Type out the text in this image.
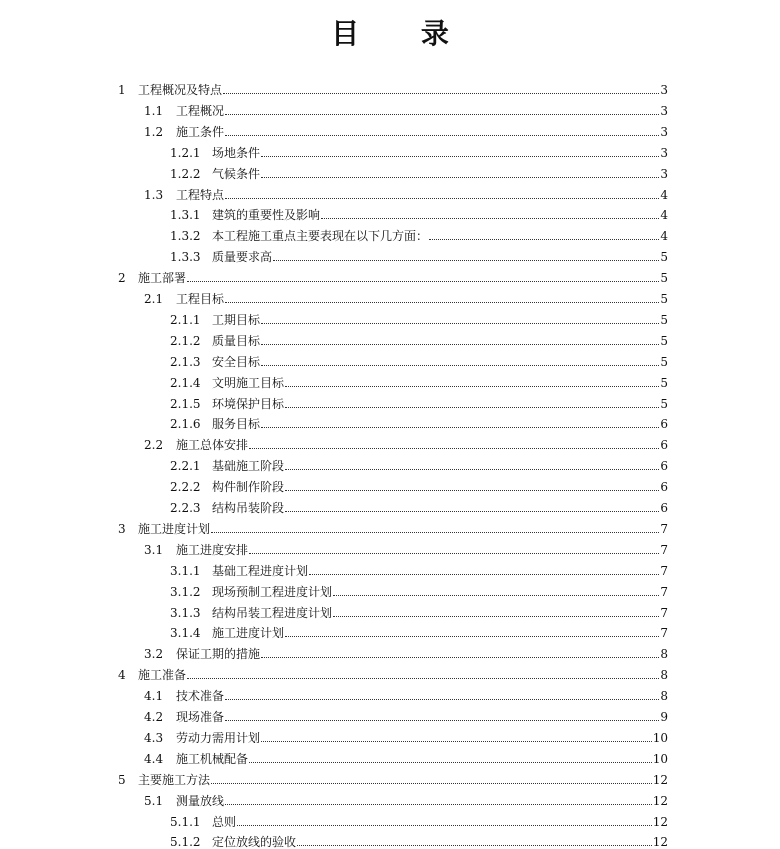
目 录
1	工程概况及特点	3
1.1	工程概况	3
1.2	施工条件	3
1.2.1 场地条件	3
1.2.2 气候条件	3
1.3	工程特点	4
1.3.1 建筑的重要性及影响	4
1.3.2 本工程施工重点主要表现在以下几方面：	4
1.3.3 质量要求高	5
2	施工部署	5
2.1	工程目标	5
2.1.1 工期目标	5
2.1.2 质量目标	5
2.1.3 安全目标	5
2.1.4 文明施工目标	5
2.1.5 环境保护目标	5
2.1.6 服务目标	6
2.2	施工总体安排	6
2.2.1 基础施工阶段	6
2.2.2 构件制作阶段	6
2.2.3 结构吊装阶段	6
3	施工进度计划	7
3.1	施工进度安排	7
3.1.1 基础工程进度计划	7
3.1.2 现场预制工程进度计划	7
3.1.3 结构吊装工程进度计划	7
3.1.4 施工进度计划	7
3.2	保证工期的措施	8
4	施工准备	8
4.1	技术准备	8
4.2	现场准备	9
4.3	劳动力需用计划	10
4.4	施工机械配备	10
5	主要施工方法	12
5.1	测量放线	12
5.1.1 总则	12
5.1.2 定位放线的验收	12
